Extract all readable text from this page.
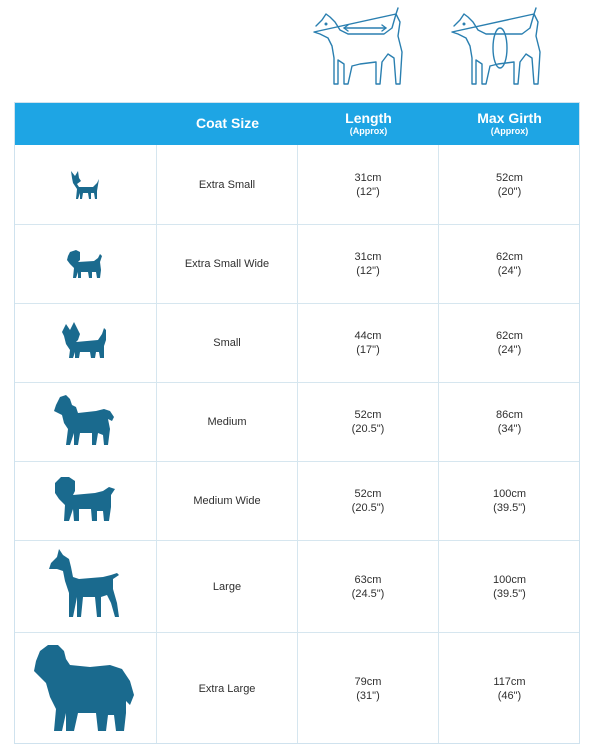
Coat Size	Length
(Approx)
Max Girth
(Approx)
Extra Small
31cm
(12")
52cm
(20")
Extra Small Wide
31cm
(12")
62cm
(24")
Small
44cm
(17")
62cm
(24")
Medium
52cm
(20.5")
86cm
(34")
Medium Wide
52cm
(20.5")
100cm
(39.5")
Large
63cm
(24.5")
100cm
(39.5")
Extra Large
79cm
(31")
117cm
(46")
